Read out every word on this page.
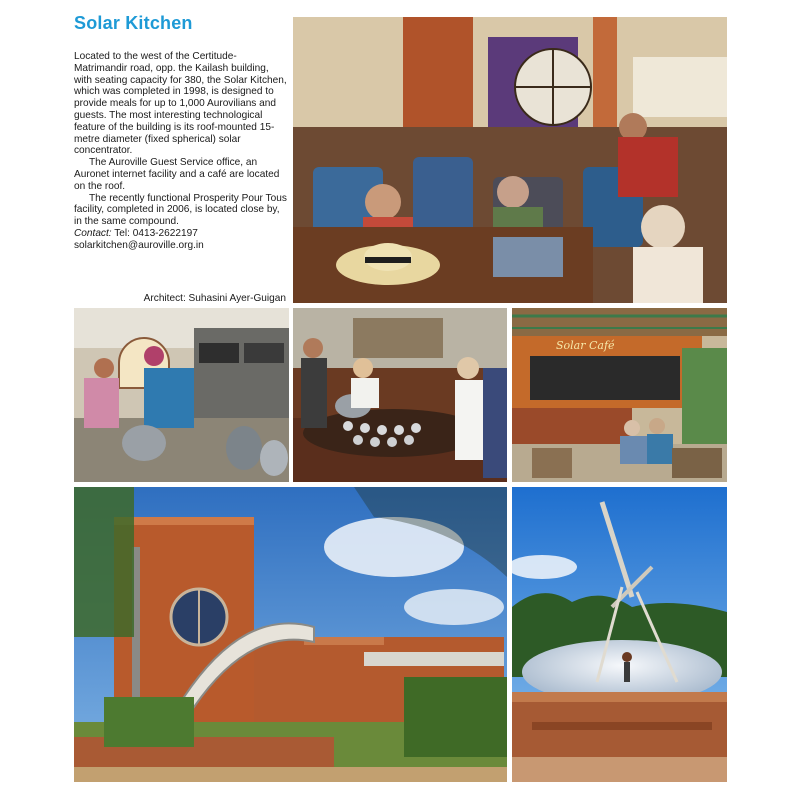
Solar Kitchen

Located to the west of the Certitude-Matrimandir road, opp. the Kailash building, with seating capacity for 380, the Solar Kitchen, which was completed in 1998, is designed to provide meals for up to 1,000 Aurovilians and guests. The most interesting technological feature of the building is its roof-mounted 15-metre diameter (fixed spherical) solar concentrator.

The Auroville Guest Service office, an Auronet internet facility and a café are located on the roof.

The recently functional Prosperity Pour Tous facility, completed in 2006, is located close by, in the same compound.

Contact: Tel: 0413-2622197

solarkitchen@auroville.org.in

Architect: Suhasini Ayer-Guigan
Solar Café
